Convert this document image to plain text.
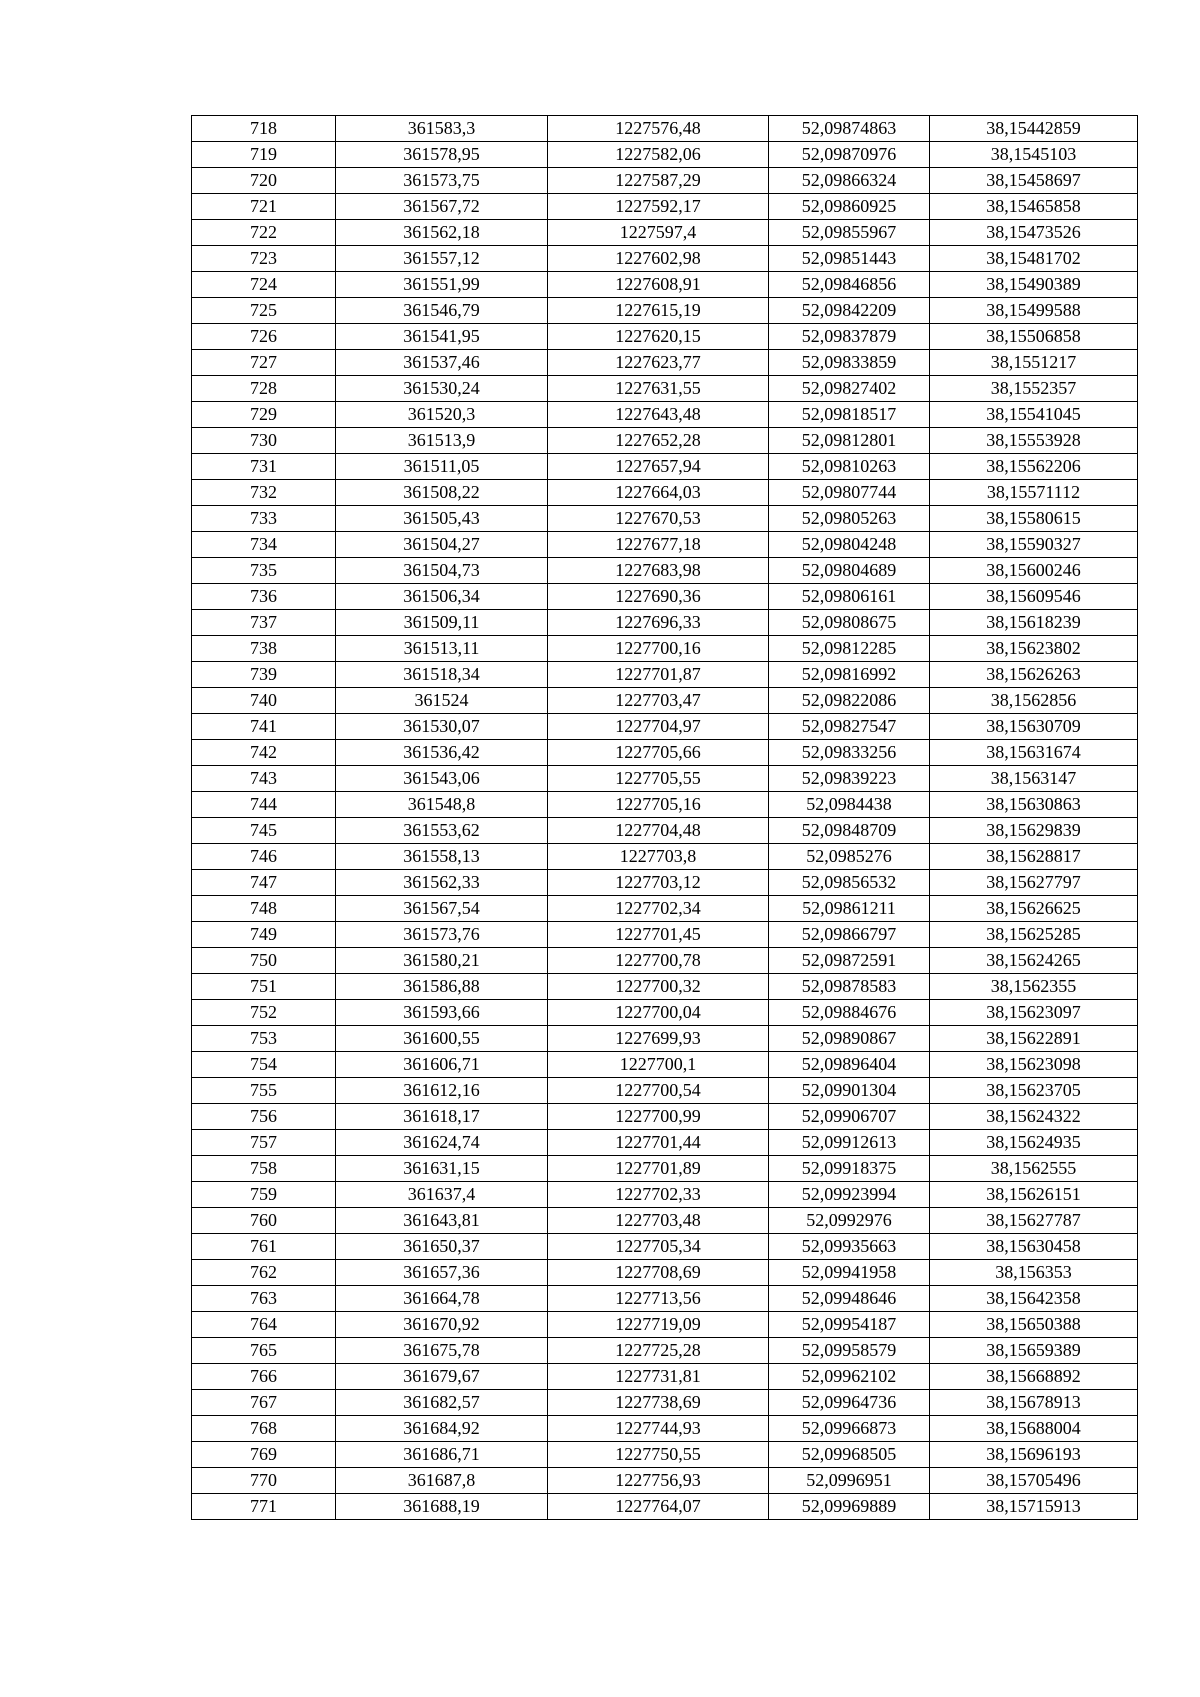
718	361583,3	1227576,48	52,09874863	38,15442859
719	361578,95	1227582,06	52,09870976	38,1545103
720	361573,75	1227587,29	52,09866324	38,15458697
721	361567,72	1227592,17	52,09860925	38,15465858
722	361562,18	1227597,4	52,09855967	38,15473526
723	361557,12	1227602,98	52,09851443	38,15481702
724	361551,99	1227608,91	52,09846856	38,15490389
725	361546,79	1227615,19	52,09842209	38,15499588
726	361541,95	1227620,15	52,09837879	38,15506858
727	361537,46	1227623,77	52,09833859	38,1551217
728	361530,24	1227631,55	52,09827402	38,1552357
729	361520,3	1227643,48	52,09818517	38,15541045
730	361513,9	1227652,28	52,09812801	38,15553928
731	361511,05	1227657,94	52,09810263	38,15562206
732	361508,22	1227664,03	52,09807744	38,15571112
733	361505,43	1227670,53	52,09805263	38,15580615
734	361504,27	1227677,18	52,09804248	38,15590327
735	361504,73	1227683,98	52,09804689	38,15600246
736	361506,34	1227690,36	52,09806161	38,15609546
737	361509,11	1227696,33	52,09808675	38,15618239
738	361513,11	1227700,16	52,09812285	38,15623802
739	361518,34	1227701,87	52,09816992	38,15626263
740	361524	1227703,47	52,09822086	38,1562856
741	361530,07	1227704,97	52,09827547	38,15630709
742	361536,42	1227705,66	52,09833256	38,15631674
743	361543,06	1227705,55	52,09839223	38,1563147
744	361548,8	1227705,16	52,0984438	38,15630863
745	361553,62	1227704,48	52,09848709	38,15629839
746	361558,13	1227703,8	52,0985276	38,15628817
747	361562,33	1227703,12	52,09856532	38,15627797
748	361567,54	1227702,34	52,09861211	38,15626625
749	361573,76	1227701,45	52,09866797	38,15625285
750	361580,21	1227700,78	52,09872591	38,15624265
751	361586,88	1227700,32	52,09878583	38,1562355
752	361593,66	1227700,04	52,09884676	38,15623097
753	361600,55	1227699,93	52,09890867	38,15622891
754	361606,71	1227700,1	52,09896404	38,15623098
755	361612,16	1227700,54	52,09901304	38,15623705
756	361618,17	1227700,99	52,09906707	38,15624322
757	361624,74	1227701,44	52,09912613	38,15624935
758	361631,15	1227701,89	52,09918375	38,1562555
759	361637,4	1227702,33	52,09923994	38,15626151
760	361643,81	1227703,48	52,0992976	38,15627787
761	361650,37	1227705,34	52,09935663	38,15630458
762	361657,36	1227708,69	52,09941958	38,156353
763	361664,78	1227713,56	52,09948646	38,15642358
764	361670,92	1227719,09	52,09954187	38,15650388
765	361675,78	1227725,28	52,09958579	38,15659389
766	361679,67	1227731,81	52,09962102	38,15668892
767	361682,57	1227738,69	52,09964736	38,15678913
768	361684,92	1227744,93	52,09966873	38,15688004
769	361686,71	1227750,55	52,09968505	38,15696193
770	361687,8	1227756,93	52,0996951	38,15705496
771	361688,19	1227764,07	52,09969889	38,15715913
